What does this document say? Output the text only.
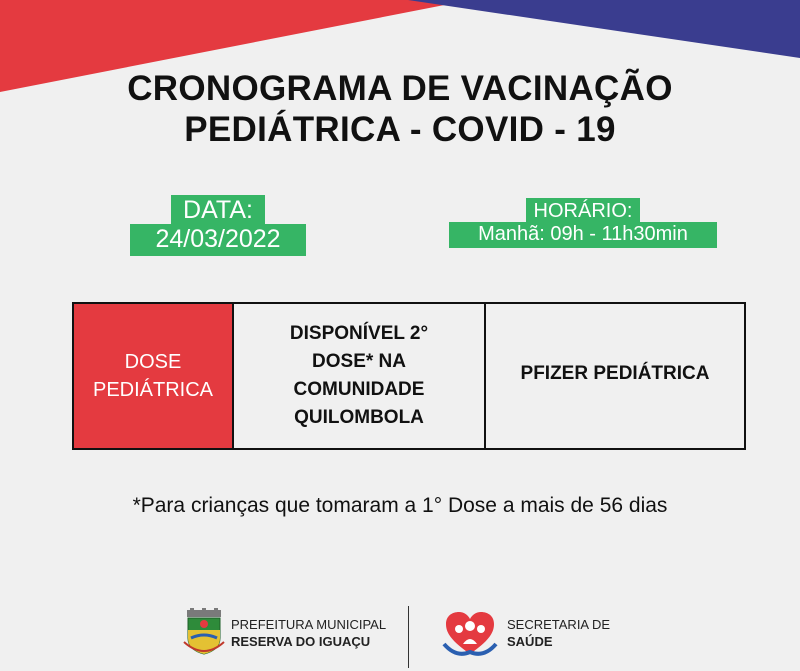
CRONOGRAMA DE VACINAÇÃO
PEDIÁTRICA - COVID - 19
DATA:
24/03/2022
HORÁRIO:
Manhã: 09h - 11h30min
DOSE
PEDIÁTRICA
DISPONÍVEL 2°
DOSE* NA
COMUNIDADE
QUILOMBOLA
PFIZER PEDIÁTRICA
*Para crianças que tomaram a 1° Dose a mais de 56 dias
PREFEITURA MUNICIPAL
RESERVA DO IGUAÇU
SECRETARIA DE
SAÚDE
